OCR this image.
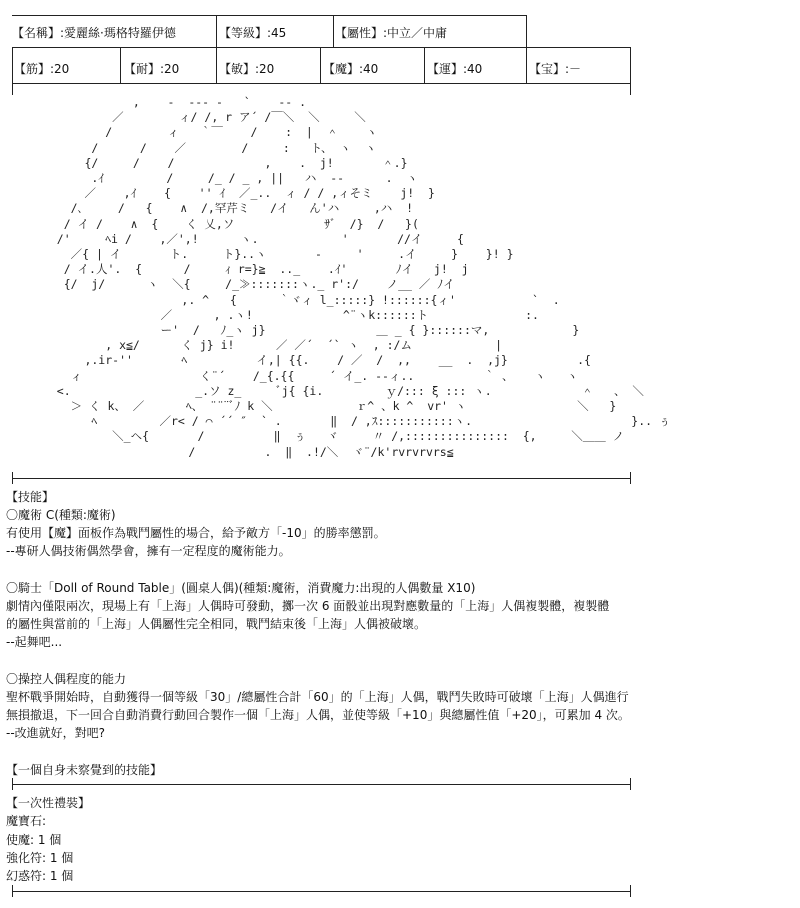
【名稱】:愛麗絲·瑪格特羅伊德	【等級】:45	【屬性】:中立／中庸
【筋】:20	【耐】:20	【敏】:20	【魔】:40	【運】:40	【宝】:－
,    -  ‐‐‐ ‐   `    ‐- .
／        ィ/ /, r ア´ /￣＼  ＼     ＼
/        ィ   ｀￣    /    :  |  ＾    ヽ
/      /    ／        /     :   ト、 ヽ  ヽ
{/     /    /             ,    .  j!       ＾.}
.ｲ         /     /_ / _ , ||   ハ  -‐      .  ヽ
／    ,ｲ    {    '' ｲ  ／_..  ィ / / ,ィそミ    j!  }
/､     /   {    ∧  /,罕芹ミ   /イ   ん'ハ     ,ハ  !
/ イ /    ∧  {    く 乂,ソ             ｻﾞ  /}  /   }(
/'     ﾍi /    ,／',!      ヽ.            '       //イ     {
／{ | イ       ト.     ト}..ヽ       -     '     .イ     }    }! }
/ イ.人'.  {      /     ｨ r=}≧  .._    .ｲ'       ﾉイ   j!  j
{/  j/      ヽ  ＼{     /_≫:::::::ヽ._ r':/    ノ__ ／ ﾉイ
,. ^   {      ｀ヾィ l_:::::} !::::::{ィ'           `  .
／      , .ヽ!             ^¨ヽk::::::ト              :.
ー'  /   ﾉ_ヽ j}                ＿ _ { }::::::マ,            }
, x≦/      く j} i!      ／ ／´  ´` ヽ  , :/ム            |
,.ir-''       ﾍ          イ,| {{.    / ／  /  ,,    __  .  ,j}          .{
ィ                 く¨´    /_{.{{     ´ イ_. -‐ィ..          ｀ 、   ヽ   ヽ
<.                  _.ソ z_     ﾞj{ {i.         ｙ/::: ξ ::: ヽ.             ＾   、 ＼
＞ く k、 ／      ﾍ、 ¨¨¨ﾞﾉ k ＼            ｒ^ 、k ^  vr' ヽ                ＼   }
ﾍ         ／r< / ⌒ ´´ ″  ` .       ‖  / ,ｽ:::::::::::ヽ.                       }.. ぅ
＼_ヘ{       /          ‖  ぅ   ヾ     〃 /,:::::::::::::::  {,     ＼＿＿ ノ
/          .  ‖  .!/＼  ヾ¨/k'rvrvrvrs≦
【技能】
〇魔術 C(種類:魔術)
有使用【魔】面板作為戰鬥屬性的場合，給予敵方「-10」的勝率懲罰。
--專研人偶技術偶然學會，擁有一定程度的魔術能力。
〇騎士「Doll of Round Table」(圓桌人偶)(種類:魔術，消費魔力:出現的人偶數量 X10)
劇情內僅限兩次，現場上有「上海」人偶時可發動，擲一次 6 面骰並出現對應數量的「上海」人偶複製體，複製體
的屬性與當前的「上海」人偶屬性完全相同，戰鬥結束後「上海」人偶被破壞。
--起舞吧...
〇操控人偶程度的能力
聖杯戰爭開始時，自動獲得一個等級「30」/總屬性合計「60」的「上海」人偶，戰鬥失敗時可破壞「上海」人偶進行
無損撤退，下一回合自動消費行動回合製作一個「上海」人偶，並使等級「+10」與總屬性值「+20」，可累加 4 次。
--改進就好，對吧?
【一個自身未察覺到的技能】
【一次性禮裝】
魔寶石:
使魔: 1 個
強化符: 1 個
幻惑符: 1 個
